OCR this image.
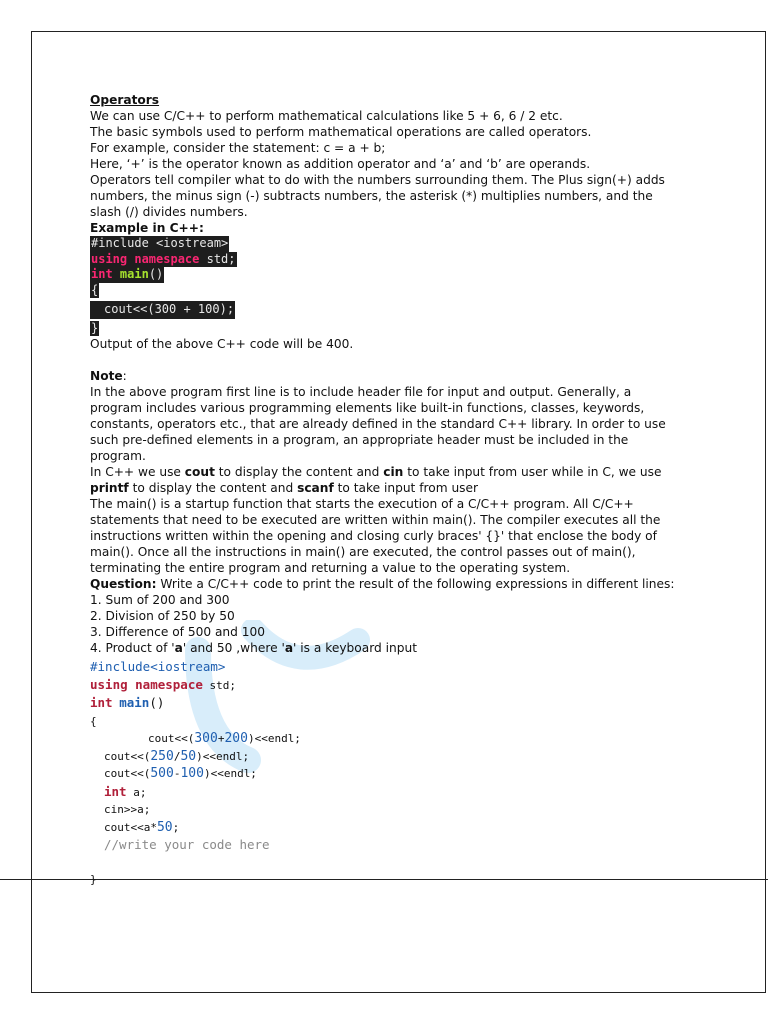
Operators

We can use C/C++ to perform mathematical calculations like 5 + 6, 6 / 2 etc.

The basic symbols used to perform mathematical operations are called operators.

For example, consider the statement: c = a + b;

Here, ‘+’ is the operator known as addition operator and ‘a’ and ‘b’ are operands.

Operators tell compiler what to do with the numbers surrounding them. The Plus sign(+) adds numbers, the minus sign (-) subtracts numbers, the asterisk (*) multiplies numbers, and the slash (/) divides numbers.

Example in C++:

#include <iostream>
using namespace std;
int main()
{
cout<<(300 + 100);
}

Output of the above C++ code will be 400.

Note:

In the above program first line is to include header file for input and output. Generally, a program includes various programming elements like built-in functions, classes, keywords, constants, operators etc., that are already defined in the standard C++ library. In order to use such pre-defined elements in a program, an appropriate header must be included in the program.

In C++ we use cout to display the content and cin to take input from user while in C, we use printf to display the content and scanf to take input from user

The main() is a startup function that starts the execution of a C/C++ program. All C/C++ statements that need to be executed are written within main(). The compiler executes all the instructions written within the opening and closing curly braces' {}' that enclose the body of main(). Once all the instructions in main() are executed, the control passes out of main(), terminating the entire program and returning a value to the operating system.

Question: Write a C/C++ code to print the result of the following expressions in different lines:

1. Sum of 200 and 300

2. Division of 250 by 50

3. Difference of 500 and 100

4. Product of 'a' and 50 ,where 'a' is a keyboard input

#include<iostream>
using namespace std;
int main()
{
cout<<(300+200)<<endl;
cout<<(250/50)<<endl;
cout<<(500-100)<<endl;
int a;
cin>>a;
cout<<a*50;
//write your code here
}
